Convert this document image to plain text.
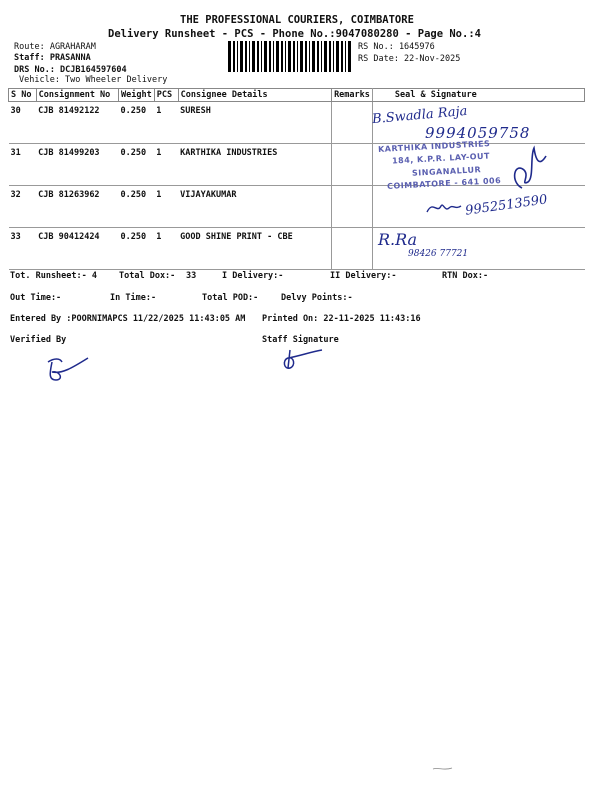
THE PROFESSIONAL COURIERS, COIMBATORE
Delivery Runsheet - PCS - Phone No.:9047080280 - Page No.:4
Route: AGRAHARAM
Staff: PRASANNA
DRS No.: DCJB164597604
Vehicle: Two Wheeler Delivery
RS No.: 1645976
RS Date: 22-Nov-2025
S No	Consignment No	Weight	PCS	Consignee Details	Remarks	Seal & Signature
30	CJB 81492122	0.250	1	SURESH		
31	CJB 81499203	0.250	1	KARTHIKA INDUSTRIES		
32	CJB 81263962	0.250	1	VIJAYAKUMAR		
33	CJB 90412424	0.250	1	GOOD SHINE PRINT - CBE		
B.Swadla Raja
9994059758
KARTHIKA INDUSTRIES
184, K.P.R. LAY-OUT
SINGANALLUR
COIMBATORE - 641 006
9952513590
R.Ra
98426 77721
Tot. Runsheet:- 4	Total Dox:- 33	I Delivery:-	II Delivery:-	RTN Dox:-
Out Time:-	In Time:-	Total POD:-	Delvy Points:-
Entered By :POORNIMAPCS 11/22/2025 11:43:05 AM Printed On: 22-11-2025 11:43:16
Verified By	Staff Signature
